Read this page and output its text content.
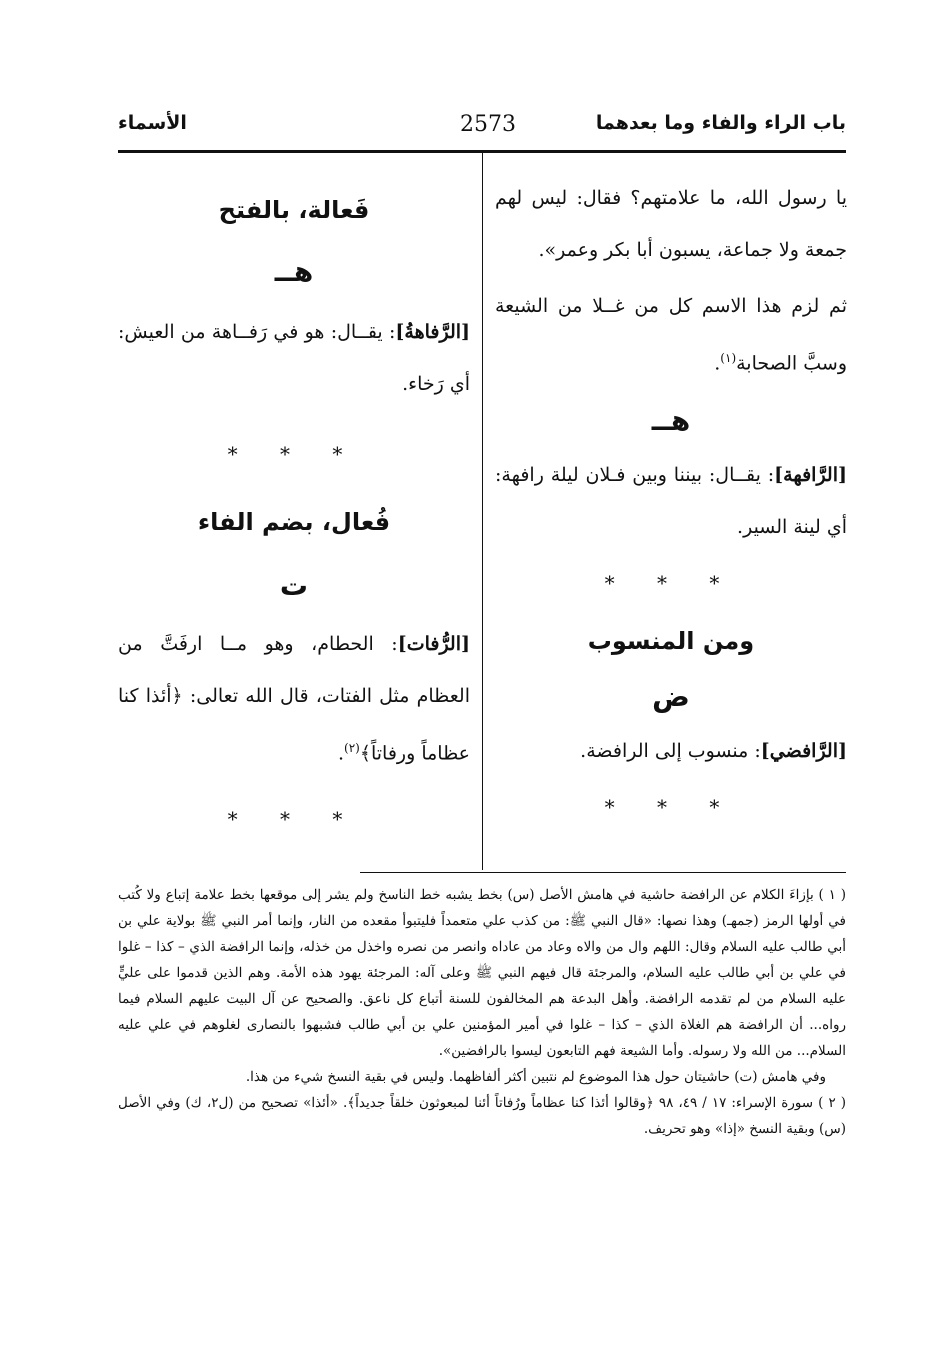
باب الراء والفاء وما بعدهما
2573
الأسماء

يا رسول الله، ما علامتهم؟ فقال: ليس لهم جمعة ولا جماعة، يسبون أبا بكر وعمر».

ثم لزم هذا الاسم كل من غــلا من الشيعة وسبَّ الصحابة$^{(١)}$.

هــ

[الرَّافهة]: يقــال: بيننا وبين فـلان ليلة رافهة: أي لينة السير.

* * *

ومن المنسوب

ض

[الرَّافضي]: منسوب إلى الرافضة.

* * *

فَعالة، بالفتح

هــ

[الرَّفاهةُ]: يقــال: هو في رَفــاهة من العيش: أي رَخاء.

* * *

فُعال، بضم الفاء

ت

[الرُّفات]: الحطام، وهو مــا ارفَتَّ من العظام مثل الفتات، قال الله تعالى: ﴿أئذا كنا عظاماً ورفاتاً﴾$^{(٢)}$.

* * *

( ١ ) بإزاءَ الكلام عن الرافضة حاشية في هامش الأصل (س) بخط يشبه خط الناسخ ولم يشر إلى موقعها بخط علامة إتباع ولا كُتب في أولها الرمز (جمهـ) وهذا نصها: «قال النبي ﷺ: من كذب علي متعمداً فليتبوأ مقعده من النار، وإنما أمر النبي ﷺ بولاية علي بن أبي طالب عليه السلام وقال: اللهم وال من والاه وعاد من عاداه وانصر من نصره واخذل من خذله، وإنما الرافضة الذي – كذا – غلوا في علي بن أبي طالب عليه السلام، والمرجئة قال فيهم النبي ﷺ وعلى آله: المرجئة يهود هذه الأمة. وهم الذين قدموا على عليٍّ عليه السلام من لم تقدمه الرافضة. وأهل البدعة هم المخالفون للسنة أتباع كل ناعق. والصحيح عن آل البيت عليهم السلام فيما رواه... أن الرافضة هم الغلاة الذي – كذا – غلوا في أمير المؤمنين علي بن أبي طالب فشبهوا بالنصارى لغلوهم في علي عليه السلام... من الله ولا رسوله. وأما الشيعة فهم التابعون ليسوا بالرافضين».

وفي هامش (ت) حاشيتان حول هذا الموضوع لم نتبين أكثر ألفاظهما. وليس في بقية النسخ شيء من هذا.

( ٢ ) سورة الإسراء: ١٧ / ٤٩، ٩٨ ﴿وقالوا أئذا كنا عظاماً ورُفاتاً أئنا لمبعوثون خلقاً جديداً﴾. «أئذا» تصحيح من (ل٢، ك) وفي الأصل (س) وبقية النسخ «إذا» وهو تحريف.
